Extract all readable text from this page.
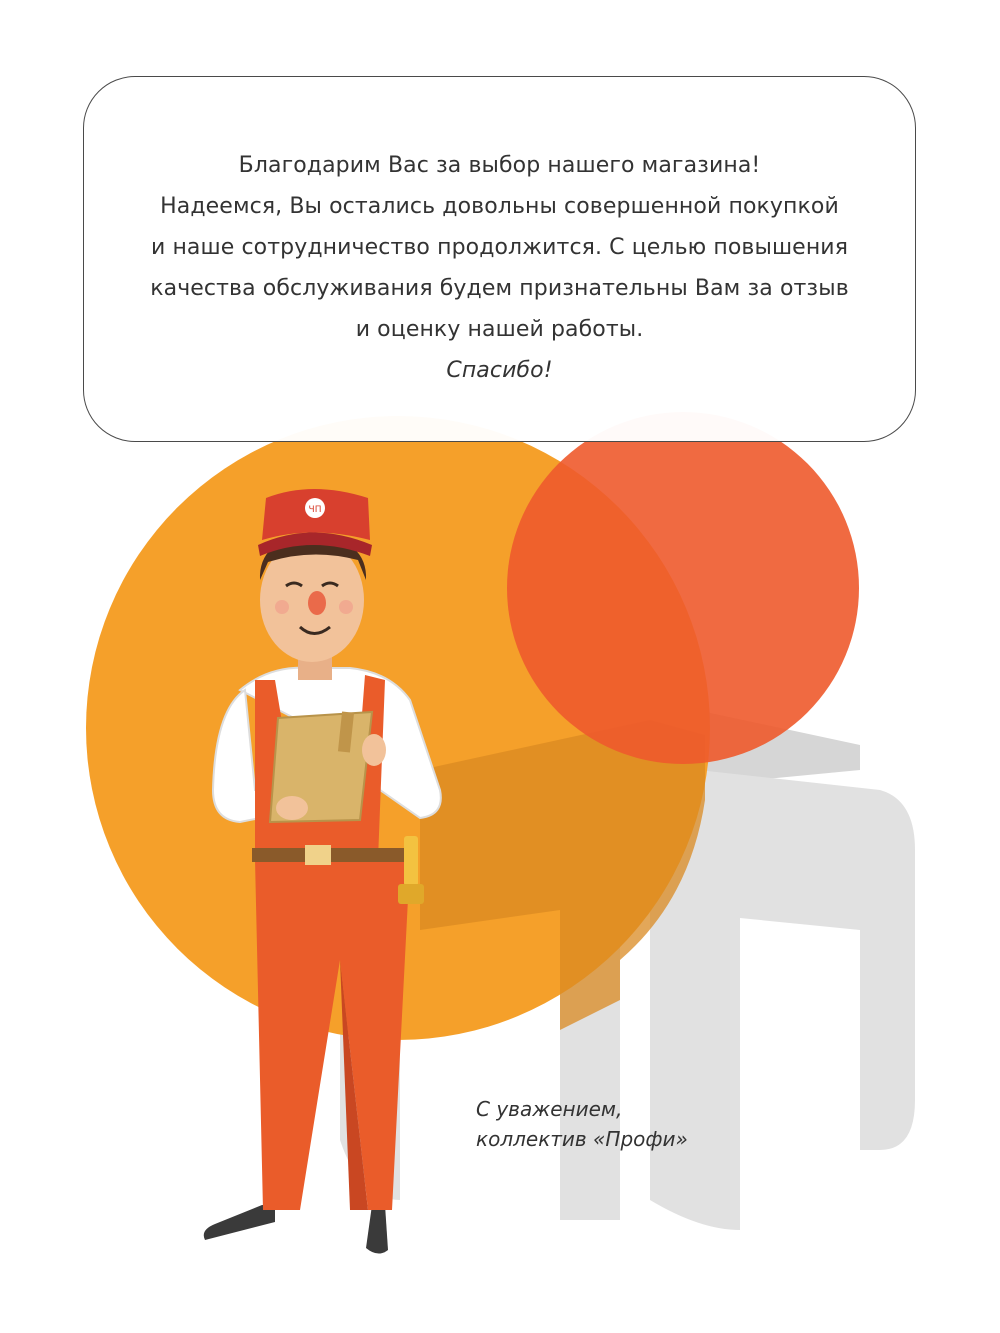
ЧП
Благодарим Вас за выбор нашего магазина!
Надеемся, Вы остались довольны совершенной покупкой
и наше сотрудничество продолжится. С целью повышения
качества обслуживания будем признательны Вам за отзыв
и оценку нашей работы.
Спасибо!
С уважением,
коллектив «Профи»
